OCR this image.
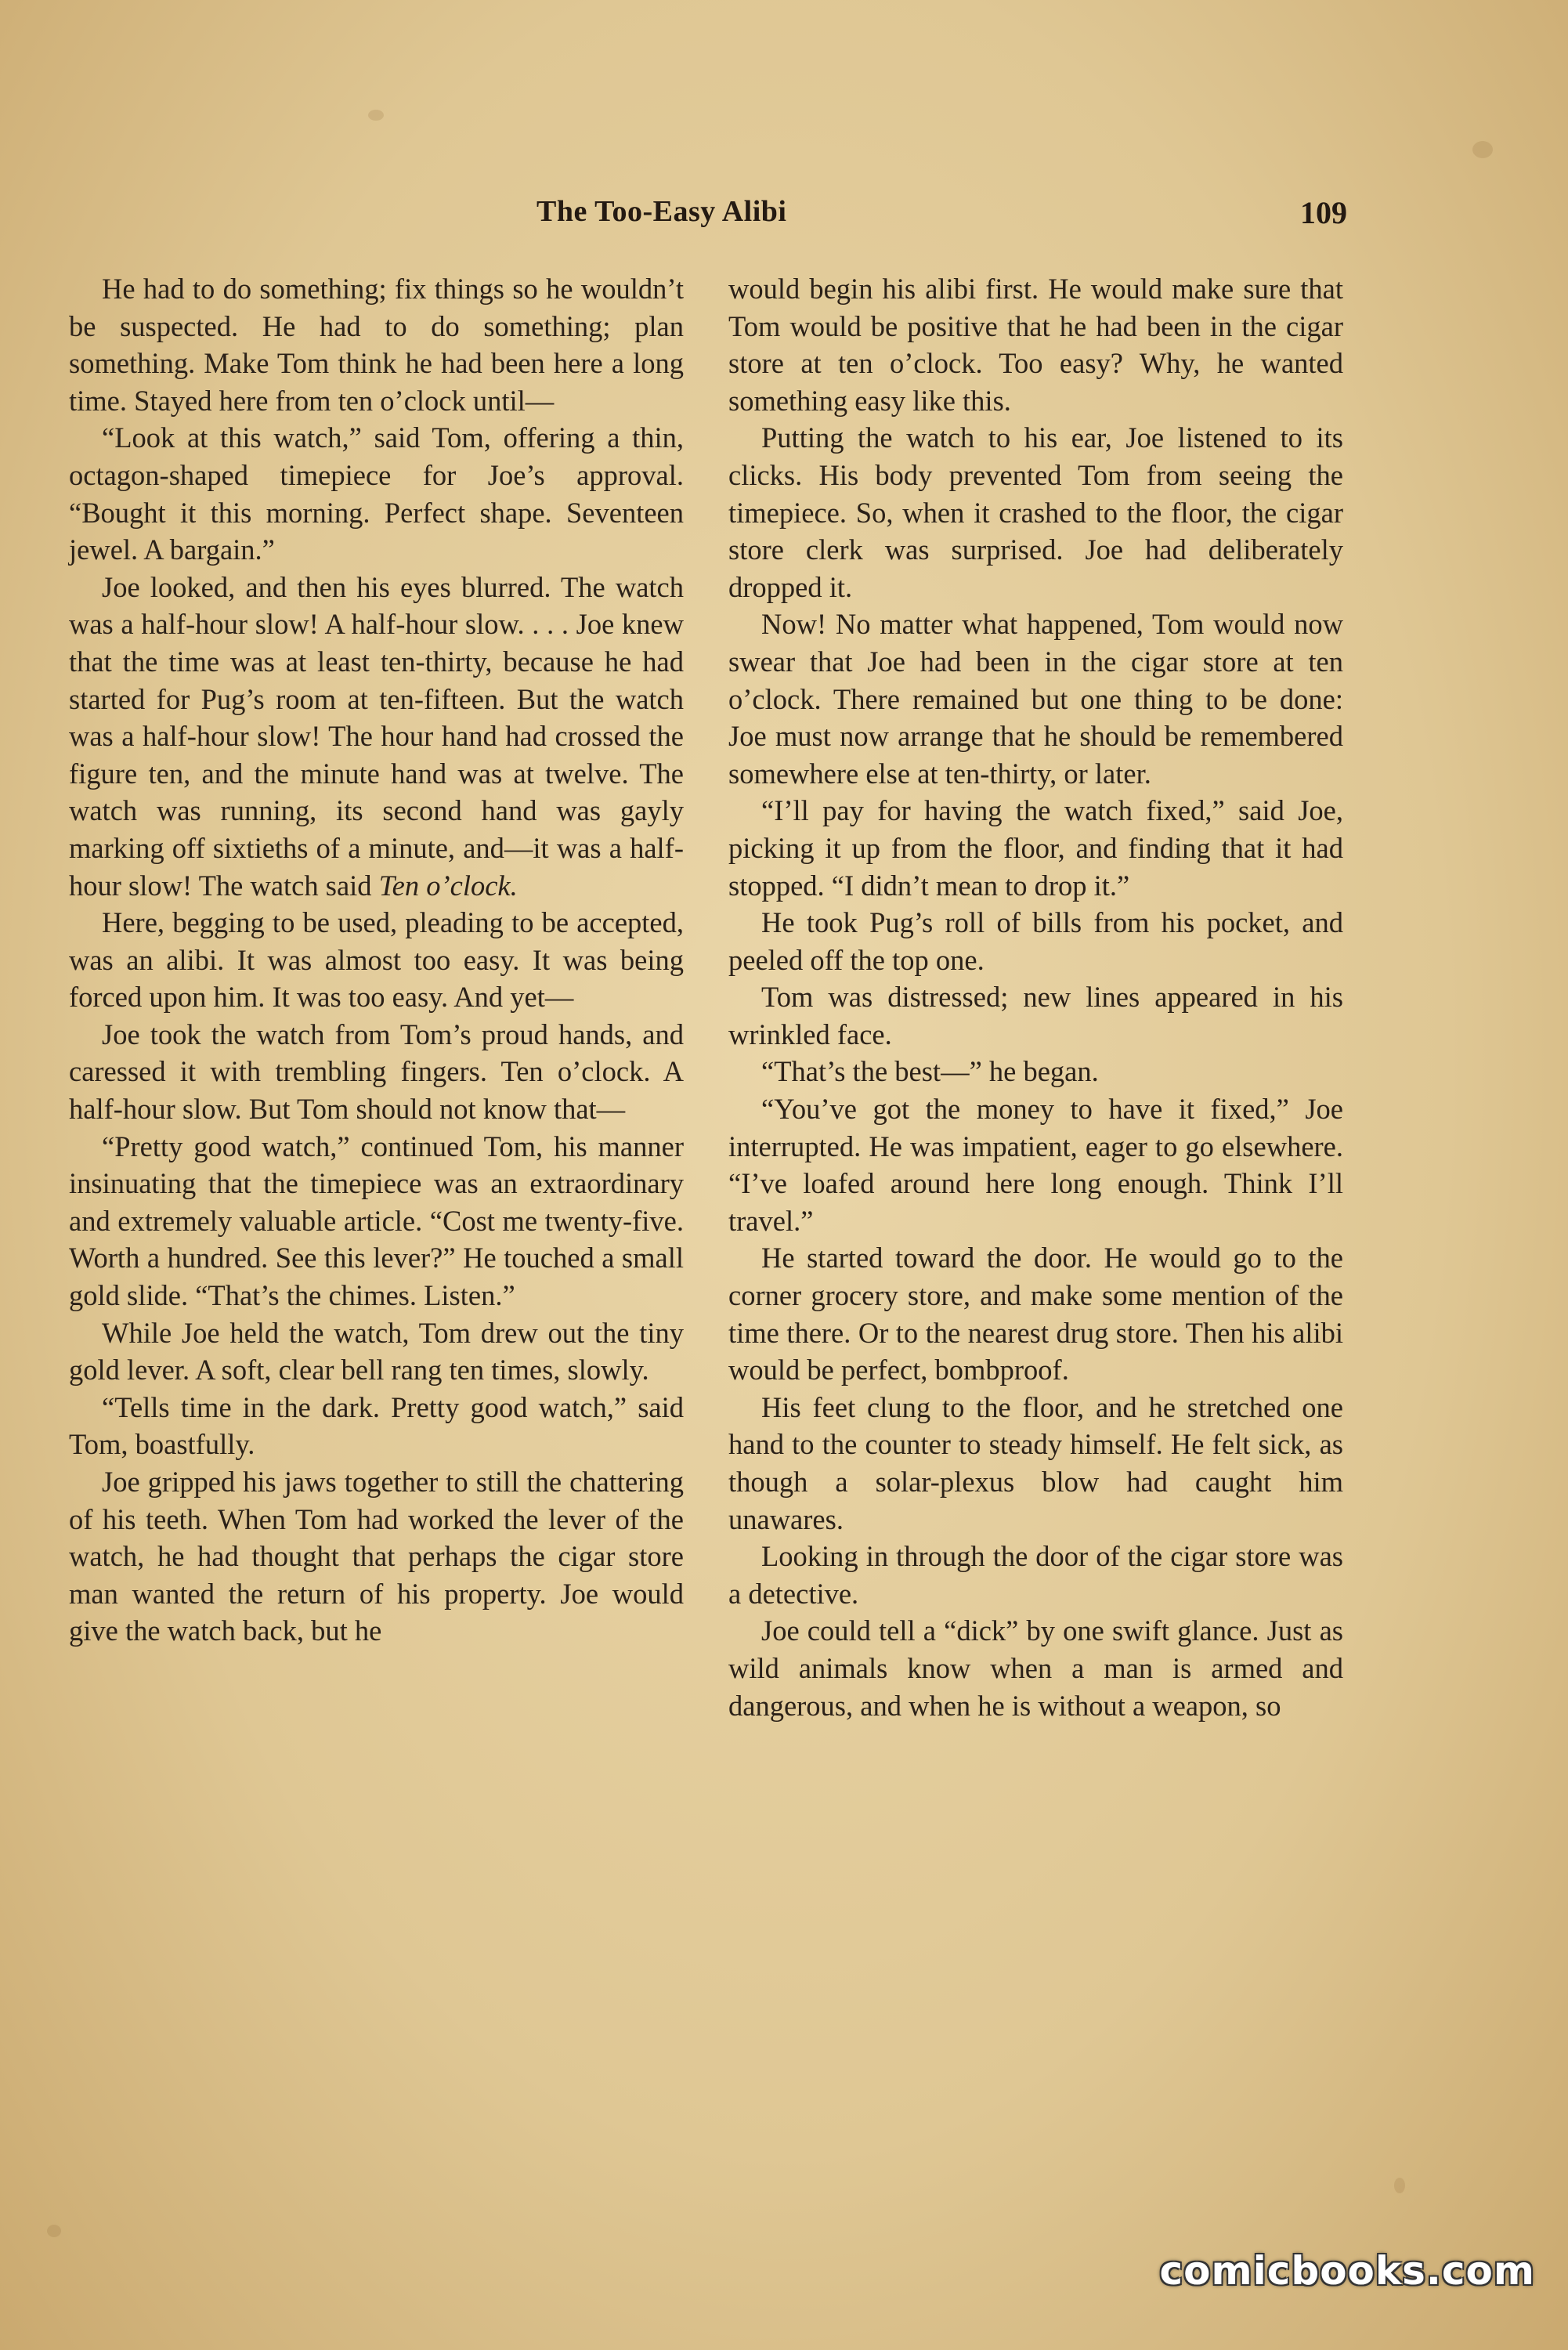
The Too-Easy Alibi	109

He had to do something; fix things so he wouldn’t be suspected. He had to do something; plan something. Make Tom think he had been here a long time. Stayed here from ten o’clock until—

“Look at this watch,” said Tom, offering a thin, octagon-shaped timepiece for Joe’s approval. “Bought it this morning. Perfect shape. Seventeen jewel. A bargain.”

Joe looked, and then his eyes blurred. The watch was a half-hour slow! A half-hour slow. . . . Joe knew that the time was at least ten-thirty, because he had started for Pug’s room at ten-fifteen. But the watch was a half-hour slow! The hour hand had crossed the figure ten, and the minute hand was at twelve. The watch was running, its second hand was gayly marking off sixtieths of a minute, and—it was a half-hour slow! The watch said Ten o’clock.

Here, begging to be used, pleading to be accepted, was an alibi. It was almost too easy. It was being forced upon him. It was too easy. And yet—

Joe took the watch from Tom’s proud hands, and caressed it with trembling fingers. Ten o’clock. A half-hour slow. But Tom should not know that—

“Pretty good watch,” continued Tom, his manner insinuating that the timepiece was an extraordinary and extremely valuable article. “Cost me twenty-five. Worth a hundred. See this lever?” He touched a small gold slide. “That’s the chimes. Listen.”

While Joe held the watch, Tom drew out the tiny gold lever. A soft, clear bell rang ten times, slowly.

“Tells time in the dark. Pretty good watch,” said Tom, boastfully.

Joe gripped his jaws together to still the chattering of his teeth. When Tom had worked the lever of the watch, he had thought that perhaps the cigar store man wanted the return of his property. Joe would give the watch back, but he

would begin his alibi first. He would make sure that Tom would be positive that he had been in the cigar store at ten o’clock. Too easy? Why, he wanted something easy like this.

Putting the watch to his ear, Joe listened to its clicks. His body prevented Tom from seeing the timepiece. So, when it crashed to the floor, the cigar store clerk was surprised. Joe had deliberately dropped it.

Now! No matter what happened, Tom would now swear that Joe had been in the cigar store at ten o’clock. There remained but one thing to be done: Joe must now arrange that he should be remembered somewhere else at ten-thirty, or later.

“I’ll pay for having the watch fixed,” said Joe, picking it up from the floor, and finding that it had stopped. “I didn’t mean to drop it.”

He took Pug’s roll of bills from his pocket, and peeled off the top one.

Tom was distressed; new lines appeared in his wrinkled face.

“That’s the best—” he began.

“You’ve got the money to have it fixed,” Joe interrupted. He was impatient, eager to go elsewhere. “I’ve loafed around here long enough. Think I’ll travel.”

He started toward the door. He would go to the corner grocery store, and make some mention of the time there. Or to the nearest drug store. Then his alibi would be perfect, bombproof.

His feet clung to the floor, and he stretched one hand to the counter to steady himself. He felt sick, as though a solar-plexus blow had caught him unawares.

Looking in through the door of the cigar store was a detective.

Joe could tell a “dick” by one swift glance. Just as wild animals know when a man is armed and dangerous, and when he is without a weapon, so

comicbooks.com
